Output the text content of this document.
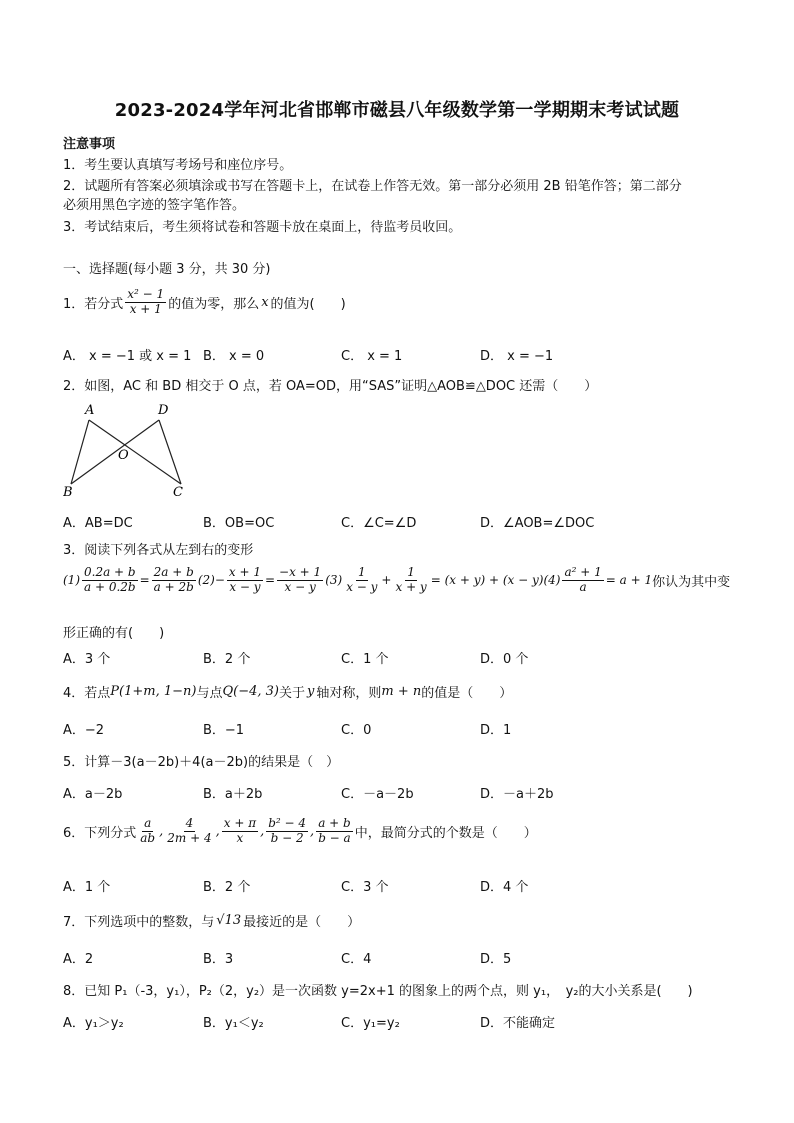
2023-2024学年河北省邯郸市磁县八年级数学第一学期期末考试试题
注意事项
1．考生要认真填写考场号和座位序号。
2．试题所有答案必须填涂或书写在答题卡上，在试卷上作答无效。第一部分必须用 2B 铅笔作答；第二部分
必须用黑色字迹的签字笔作答。
3．考试结束后，考生须将试卷和答题卡放在桌面上，待监考员收回。
一、选择题(每小题 3 分，共 30 分)
1．若分式 $\frac{\text{x² − 1}}{x + 1}$ 的值为零，那么 x 的值为(　　)
A． x = −1 或 x = 1 B． x = 0	C． x = 1	D． x = −1
2．如图，AC 和 BD 相交于 O 点，若 OA=OD，用“SAS”证明△AOB≌△DOC 还需（　　）
A	D
O
B	C
A．AB=DC	B．OB=OC	C．∠C=∠D	D．∠AOB=∠DOC
3．阅读下列各式从左到右的变形
$(1) \frac{0.2a + b}{a + 0.2b} = \frac{2a + b}{a + 2b} (2)- \frac{x + 1}{x - y} = \frac{-x + 1}{x - y} (3) \frac{1}{x - y} + \frac{1}{x + y} = (x + y) + (x - y)(4) \frac{\text{a² + 1}}{a} = a + 1$ 你认为其中变
形正确的有(　　)
A．3 个	B．2 个	C．1 个	D．0 个
4．若点 P(1+m, 1−n) 与点 Q(−4, 3) 关于 y 轴对称，则 m + n 的值是（　　）
A．−2	B．−1	C．0	D．1
5．计算－3(a－2b)＋4(a－2b)的结果是（　）
A．a－2b	B．a＋2b	C．－a－2b	D．－a＋2b
6．下列分式 $\frac{a}{ab}$ , $\frac{4}{2m + 4}$ , $\frac{x + \pi}{x}$ , $\frac{\text{b² − 4}}{b - 2}$ , $\frac{a + b}{b - a}$ 中，最简分式的个数是（　　）
A．1 个	B．2 个	C．3 个	D．4 个
7．下列选项中的整数，与 √13 最接近的是（　　）
A．2	B．3	C．4	D．5
8．已知 P₁（-3，y₁），P₂（2，y₂）是一次函数 y=2x+1 的图象上的两个点，则 y₁，　y₂的大小关系是(　　)
A．y₁＞y₂	B．y₁＜y₂	C．y₁=y₂	D．不能确定
